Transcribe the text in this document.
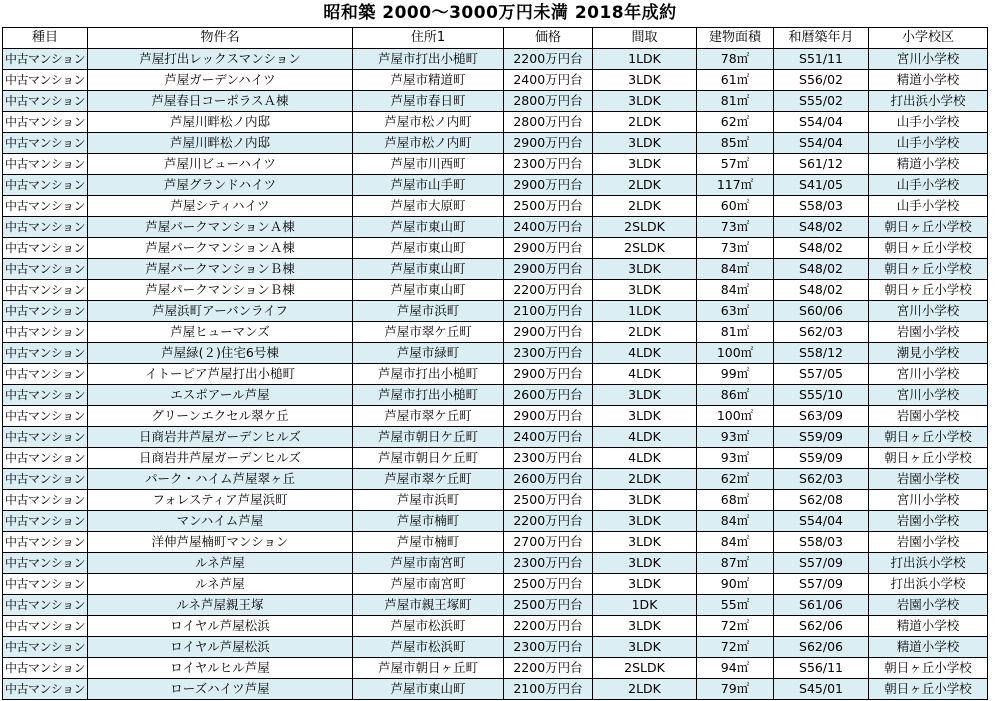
昭和築 2000～3000万円未満 2018年成約
種目	物件名	住所1	価格	間取	建物面積	和暦築年月	小学校区
中古マンション	芦屋打出レックスマンション	芦屋市打出小槌町	2200万円台	1LDK	78㎡	S51/11	宮川小学校
中古マンション	芦屋ガーデンハイツ	芦屋市精道町	2400万円台	3LDK	61㎡	S56/02	精道小学校
中古マンション	芦屋春日コーポラスＡ棟	芦屋市春日町	2800万円台	3LDK	81㎡	S55/02	打出浜小学校
中古マンション	芦屋川畔松ノ内邸	芦屋市松ノ内町	2800万円台	2LDK	62㎡	S54/04	山手小学校
中古マンション	芦屋川畔松ノ内邸	芦屋市松ノ内町	2900万円台	3LDK	85㎡	S54/04	山手小学校
中古マンション	芦屋川ビューハイツ	芦屋市川西町	2300万円台	3LDK	57㎡	S61/12	精道小学校
中古マンション	芦屋グランドハイツ	芦屋市山手町	2900万円台	2LDK	117㎡	S41/05	山手小学校
中古マンション	芦屋シティハイツ	芦屋市大原町	2500万円台	2LDK	60㎡	S58/03	山手小学校
中古マンション	芦屋パークマンションＡ棟	芦屋市東山町	2400万円台	2SLDK	73㎡	S48/02	朝日ヶ丘小学校
中古マンション	芦屋パークマンションＡ棟	芦屋市東山町	2900万円台	2SLDK	73㎡	S48/02	朝日ヶ丘小学校
中古マンション	芦屋パークマンションＢ棟	芦屋市東山町	2900万円台	3LDK	84㎡	S48/02	朝日ヶ丘小学校
中古マンション	芦屋パークマンションＢ棟	芦屋市東山町	2200万円台	3LDK	84㎡	S48/02	朝日ヶ丘小学校
中古マンション	芦屋浜町アーバンライフ	芦屋市浜町	2100万円台	1LDK	63㎡	S60/06	宮川小学校
中古マンション	芦屋ヒューマンズ	芦屋市翠ケ丘町	2900万円台	2LDK	81㎡	S62/03	岩園小学校
中古マンション	芦屋緑(２)住宅6号棟	芦屋市緑町	2300万円台	4LDK	100㎡	S58/12	潮見小学校
中古マンション	イトーピア芦屋打出小槌町	芦屋市打出小槌町	2900万円台	4LDK	99㎡	S57/05	宮川小学校
中古マンション	エスポアール芦屋	芦屋市打出小槌町	2600万円台	3LDK	86㎡	S55/10	宮川小学校
中古マンション	グリーンエクセル翠ケ丘	芦屋市翠ケ丘町	2900万円台	3LDK	100㎡	S63/09	岩園小学校
中古マンション	日商岩井芦屋ガーデンヒルズ	芦屋市朝日ケ丘町	2400万円台	4LDK	93㎡	S59/09	朝日ヶ丘小学校
中古マンション	日商岩井芦屋ガーデンヒルズ	芦屋市朝日ケ丘町	2300万円台	4LDK	93㎡	S59/09	朝日ヶ丘小学校
中古マンション	パーク・ハイム芦屋翠ヶ丘	芦屋市翠ケ丘町	2600万円台	2LDK	62㎡	S62/03	岩園小学校
中古マンション	フォレスティア芦屋浜町	芦屋市浜町	2500万円台	3LDK	68㎡	S62/08	宮川小学校
中古マンション	マンハイム芦屋	芦屋市楠町	2200万円台	3LDK	84㎡	S54/04	岩園小学校
中古マンション	洋伸芦屋楠町マンション	芦屋市楠町	2700万円台	3LDK	84㎡	S58/03	岩園小学校
中古マンション	ルネ芦屋	芦屋市南宮町	2300万円台	3LDK	87㎡	S57/09	打出浜小学校
中古マンション	ルネ芦屋	芦屋市南宮町	2500万円台	3LDK	90㎡	S57/09	打出浜小学校
中古マンション	ルネ芦屋親王塚	芦屋市親王塚町	2500万円台	1DK	55㎡	S61/06	岩園小学校
中古マンション	ロイヤル芦屋松浜	芦屋市松浜町	2200万円台	3LDK	72㎡	S62/06	精道小学校
中古マンション	ロイヤル芦屋松浜	芦屋市松浜町	2300万円台	3LDK	72㎡	S62/06	精道小学校
中古マンション	ロイヤルヒル芦屋	芦屋市朝日ヶ丘町	2200万円台	2SLDK	94㎡	S56/11	朝日ヶ丘小学校
中古マンション	ローズハイツ芦屋	芦屋市東山町	2100万円台	2LDK	79㎡	S45/01	朝日ヶ丘小学校
